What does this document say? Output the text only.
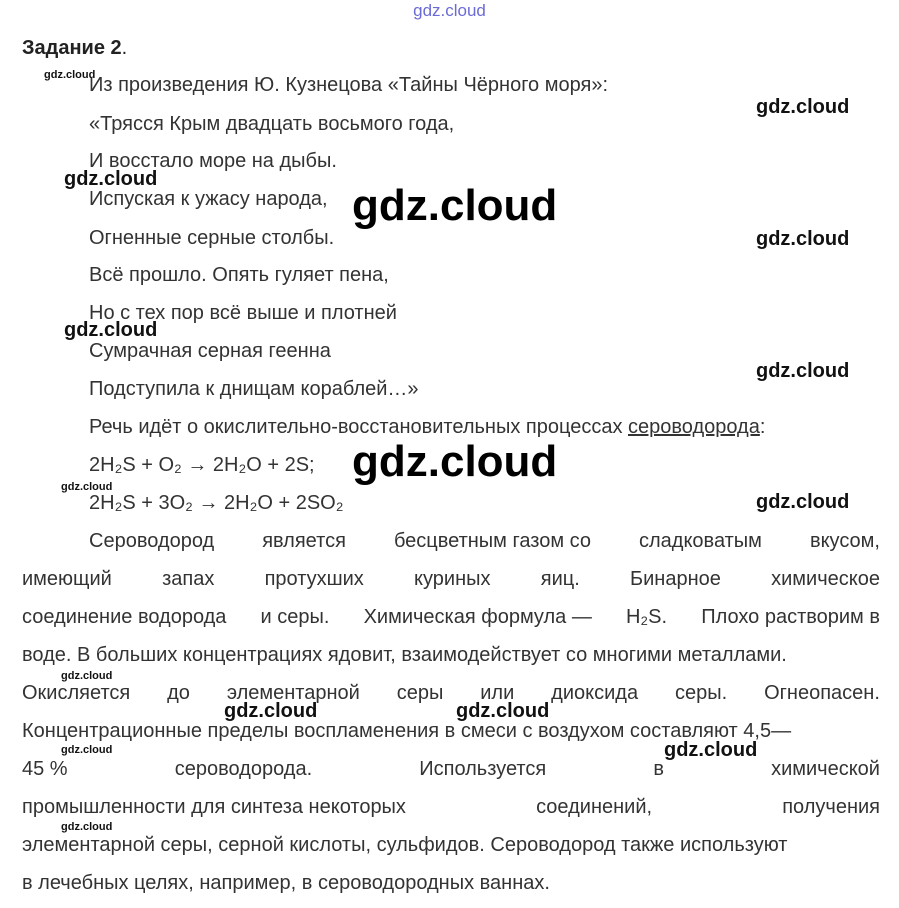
gdz.cloud
Задание 2.
Из произведения Ю. Кузнецова «Тайны Чёрного моря»:
«Трясся Крым двадцать восьмого года,
И восстало море на дыбы.
Испуская к ужасу народа,
Огненные серные столбы.
Всё прошло. Опять гуляет пена,
Но с тех пор всё выше и плотней
Сумрачная серная геенна
Подступила к днищам кораблей…»
Речь идёт о окислительно-восстановительных процессах сероводорода:
2H₂S + O₂ → 2H₂O + 2S;
2H₂S + 3O₂ → 2H₂O + 2SO₂
Сероводород является бесцветным газом со сладковатым вкусом,
имеющий	запах	протухших	куриных	яиц.	Бинарное	химическое
соединение водорода и серы. Химическая формула — H₂S. Плохо растворим в
воде. В больших концентрациях ядовит, взаимодействует со многими металлами.
Окисляется до элементарной серы или диоксида серы. Огнеопасен.
Концентрационные пределы воспламенения в смеси с воздухом составляют 4,5—
45 %	сероводорода.	Используется	в	химической
промышленности для синтеза некоторых	соединений,	получения
элементарной серы, серной кислоты, сульфидов. Сероводород также используют
в лечебных целях, например, в сероводородных ваннах.
gdz.cloud
gdz.cloud
gdz.cloud
gdz.cloud
gdz.cloud
gdz.cloud
gdz.cloud
gdz.cloud
gdz.cloud
gdz.cloud
gdz.cloud
gdz.cloud	gdz.cloud
gdz.cloud	gdz.cloud
gdz.cloud
